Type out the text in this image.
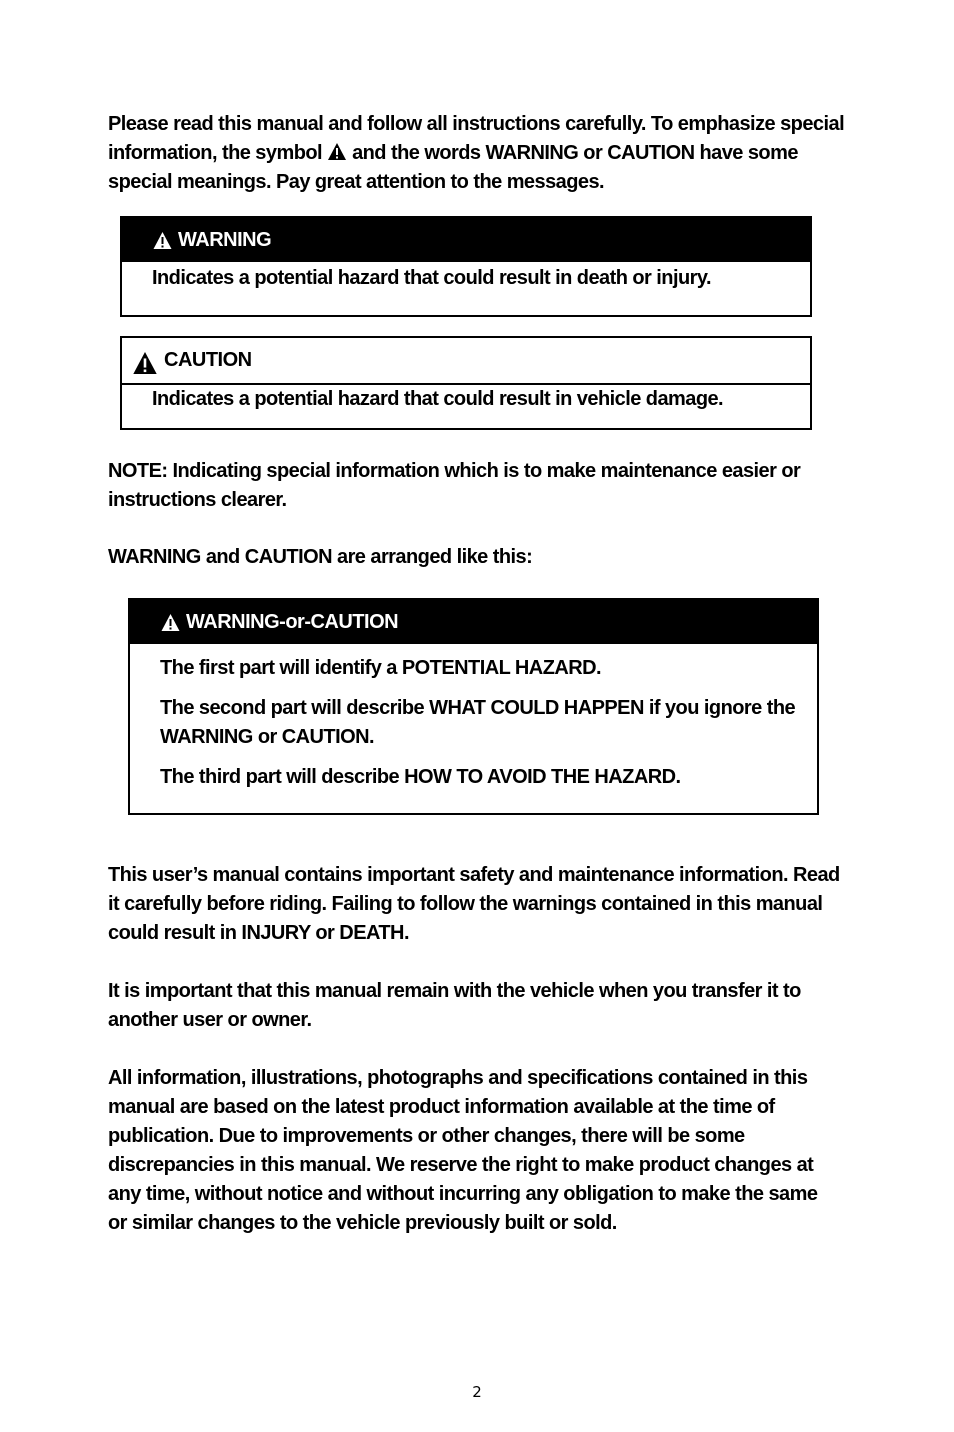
Please read this manual and follow all instructions carefully. To emphasize special information, the symbol and the words WARNING or CAUTION have some special meanings. Pay great attention to the messages.

WARNING

Indicates a potential hazard that could result in death or injury.

CAUTION

Indicates a potential hazard that could result in vehicle damage.

NOTE: Indicating special information which is to make maintenance easier or instructions clearer.

WARNING and CAUTION are arranged like this:

WARNING-or-CAUTION

The first part will identify a POTENTIAL HAZARD.

The second part will describe WHAT COULD HAPPEN if you ignore the WARNING or CAUTION.

The third part will describe HOW TO AVOID THE HAZARD.

This user’s manual contains important safety and maintenance information. Read it carefully before riding. Failing to follow the warnings contained in this manual could result in INJURY or DEATH.

It is important that this manual remain with the vehicle when you transfer it to another user or owner.

All information, illustrations, photographs and specifications contained in this manual are based on the latest product information available at the time of publication. Due to improvements or other changes, there will be some discrepancies in this manual. We reserve the right to make product changes at any time, without notice and without incurring any obligation to make the same or similar changes to the vehicle previously built or sold.

2
